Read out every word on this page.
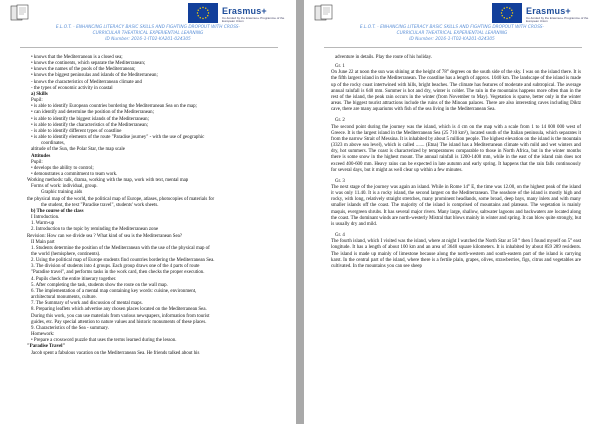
Erasmus+
Co-funded by the Erasmus+ Programme of the European Union
E.L.O.T. - ENHANCING LITERACY BASIC SKILLS AND FIGHTING DROPOUT WITH CROSS-
CURRICULAR THEATRICAL EXPERIENTIAL LEARNING
ID Number: 2016-1-IT02-KA201-024305

• knows that the Mediterranean is a closed sea;

• knows the continents, which separate the Mediterranean;

• knows the names of the pools of the Mediterranean;

• knows the biggest peninsulas and islands of the Mediterranean;

- knows the characteristics of Mediterranean climate and

- the types of economic activity in coastal

a) Skills

Pupil:

• is able to identify European countries bordering the Mediterranean Sea on the map;

• can identify and determine the position of the Mediterranean;

• is able to identify the biggest islands of the Mediterranean;

• is able to identify the characteristics of the Mediterranean;

- is able to identify different types of coastline

• is able to identify elements of the route "Paradise journey" - with the use of geographic

coordinates,

altitude of the Sun, the Polar Star, the map scale

Attitudes

Pupil:

• develops the ability to control;

• demonstrates a commitment to team work.

Working methods: talk, drama, working with the map, work with text, mental map

Forms of work: individual, group.

Graphic training aids

the physical map of the world, the political map of Europe, atlases, photocopies of materials for

the student, the text "Paradise travel", students' work sheets.

b) The course of the class

I Introduction.

1. Warm-up

2. Introduction to the topic by reminding the Mediterranean zone

Revision: How can we divide sea ? What kind of sea is the Mediterranean Sea?

II Main part

1. Students determine the position of the Mediterranean with the use of the physical map of

the world (hemisphere, continents).

2. Using the political map of Europe students find countries bordering the Mediterranean Sea.

3. The division of students into 4 groups. Each group draws one of the 4 parts of route

"Paradise travel", and performs tasks in the work card, then checks the proper execution.

4. Pupils check the entire itinerary together.

5. After completing the task, students show the route on the wall map.

6. The implementation of a mental map containing key words: cuisine, environment,

architectural monuments, culture.

7. The Summary of work and discussion of mental maps.

8. Preparing leaflets which advertise any chosen places located on the Mediterranean Sea.

During this work, you can use materials from various newspapers, information from tourist

guides, etc. Pay special attention to nature values and historic monuments of these places.

9. Characteristics of the Sea - summary.

Homework:

• Prepare a crossword puzzle that uses the terms learned during the lesson.

"Paradise Travel"

Jacob spent a fabulous vacation on the Mediterranean Sea. He friends talked about his

Erasmus+
Co-funded by the Erasmus+ Programme of the European Union
E.L.O.T. - ENHANCING LITERACY BASIC SKILLS AND FIGHTING DROPOUT WITH CROSS-
CURRICULAR THEATRICAL EXPERIENTIAL LEARNING
ID Number: 2016-1-IT02-KA201-024305

adventure in details. Play the route of his holiday.

Gr. 1

On June 22 at noon the sun was shining at the height of 78° degrees on the south side of the sky. I was on the island there. It is the fifth largest island in the Mediterranean. The coastline has a length of approx. 1040 km. The landscape of the island is made up of the rocky coast intertwined with hills, bright beaches. The climate has features of moderate and subtropical. The average annual rainfall is 640 mm. Summer is hot and dry, winter is colder. The rain in the mountains happens more often than in the rest of the island, the peak rain occurs in the winter (from November to May). Vegetation is sparse, better only in the winter areas. The biggest tourist attractions include the ruins of the Minoan palaces. There are also interesting caves including Diktz cave, there are many aquariums with fish of the sea living in the Mediterranean Sea.

Gr. 2

The second point during the journey was the island, which is 4 cm on the map with a scale from 1 to 14 000 000 west of Greece. It is the largest island in the Mediterranean Sea (25 710 km²), located south of the Italian peninsula, which separates it from the narrow Strait of Messina. It is inhabited by about 5 million people. The highest elevation on the island is the mountain (3323 m above sea level), which is called ....... (Etna) The island has a Mediterranean climate with mild and wet winters and dry, hot summers. The coast is characterized by temperatures comparable to those in North Africa, but in the winter months there is some snow in the highest mount. The annual rainfall is 1200-1400 mm, while in the east of the island rain does not exceed 400-600 mm. Heavy rains can be expected in late autumn and early spring. It happens that the rain falls continuously for several days, but it might as well clear up within a few minutes.

Gr. 3

The next stage of the journey was again an island. While in Rome 14° E, the time was 12.00, on the highest peak of the island it was only 11.40. It is a rocky island, the second largest on the Mediterranean. The seashore of the island is mostly high and rocky, with long, relatively straight stretches, many prominent headlands, some broad, deep bays, many inlets and with many smaller islands off the coast. The majority of the island is comprised of mountains and plateaus. The vegetation is mainly maquis, evergreen shrubs. It has several major rivers. Many large, shallow, saltwater lagoons and backwaters are located along the coast. The dominant winds are north-westerly Mistral that blows mainly in winter and spring. It can blow quite strongly, but is usually dry and mild.

Gr. 4

The fourth island, which I visited was the island, where at night I watched the North Star at 50 ° then I found myself on 5° east longitude. It has a length of about 100 km and an area of 3640 square kilometers. It is inhabited by about 859 289 residents. The island is made up mainly of limestone because along the north-western and south-eastern part of the island is carrying karst. In the central part of the island, where there is a fertile plain, grapes, olives, strawberries, figs, citrus and vegetables are cultivated. In the mountains you can see sheep
